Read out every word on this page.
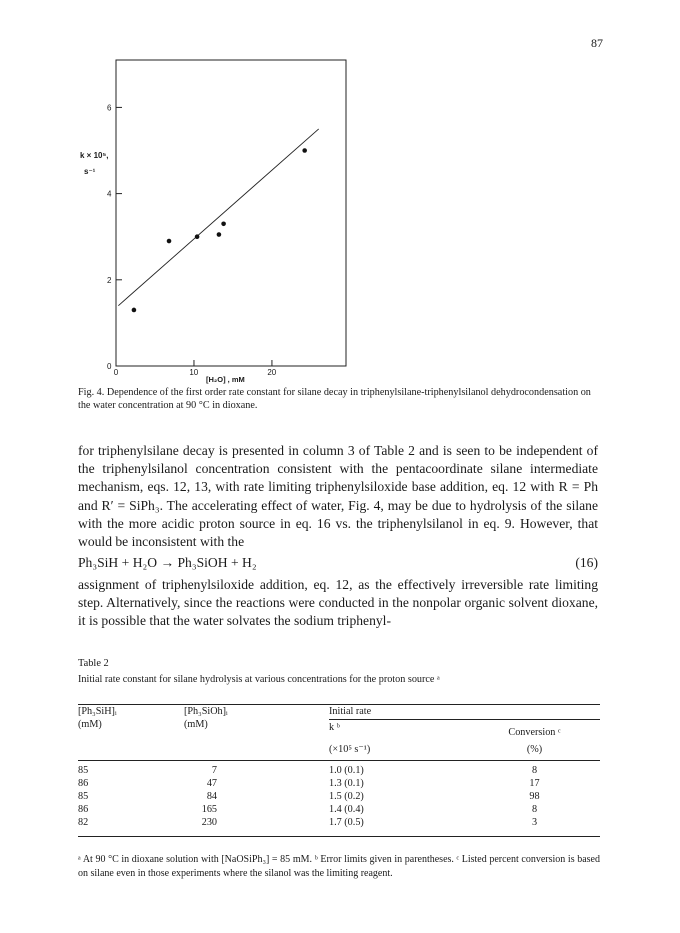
87
0
2
4
6
0	10	20
k × 10⁵,
s⁻¹
[H₂O] , mM
Fig. 4. Dependence of the first order rate constant for silane decay in triphenylsilane-triphenylsilanol dehydrocondensation on the water concentration at 90 °C in dioxane.

for triphenylsilane decay is presented in column 3 of Table 2 and is seen to be independent of the triphenylsilanol concentration consistent with the pentacoordinate silane intermediate mechanism, eqs. 12, 13, with rate limiting triphenylsiloxide base addition, eq. 12 with R = Ph and R′ = SiPh₃. The accelerating effect of water, Fig. 4, may be due to hydrolysis of the silane with the more acidic proton source in eq. 16 vs. the triphenylsilanol in eq. 9. However, that would be inconsistent with the

Ph₃SiH + H₂O → Ph₃SiOH + H₂	(16)
assignment of triphenylsiloxide addition, eq. 12, as the effectively irreversible rate limiting step. Alternatively, since the reactions were conducted in the nonpolar organic solvent dioxane, it is possible that the water solvates the sodium triphenyl-
Table 2
Initial rate constant for silane hydrolysis at various concentrations for the proton source ᵃ
[Ph₃SiH]ᵢ	[Ph₃SiOh]ᵢ	Initial rate	
(mM)	(mM)	k ᵇ	Conversion ᶜ
		(×10⁵ s⁻¹)	(%)

85	7	1.0 (0.1)	8
86	47	1.3 (0.1)	17
85	84	1.5 (0.2)	98
86	165	1.4 (0.4)	8
82	230	1.7 (0.5)	3
ᵃ At 90 °C in dioxane solution with [NaOSiPh₃] = 85 mM. ᵇ Error limits given in parentheses. ᶜ Listed percent conversion is based on silane even in those experiments where the silanol was the limiting reagent.
